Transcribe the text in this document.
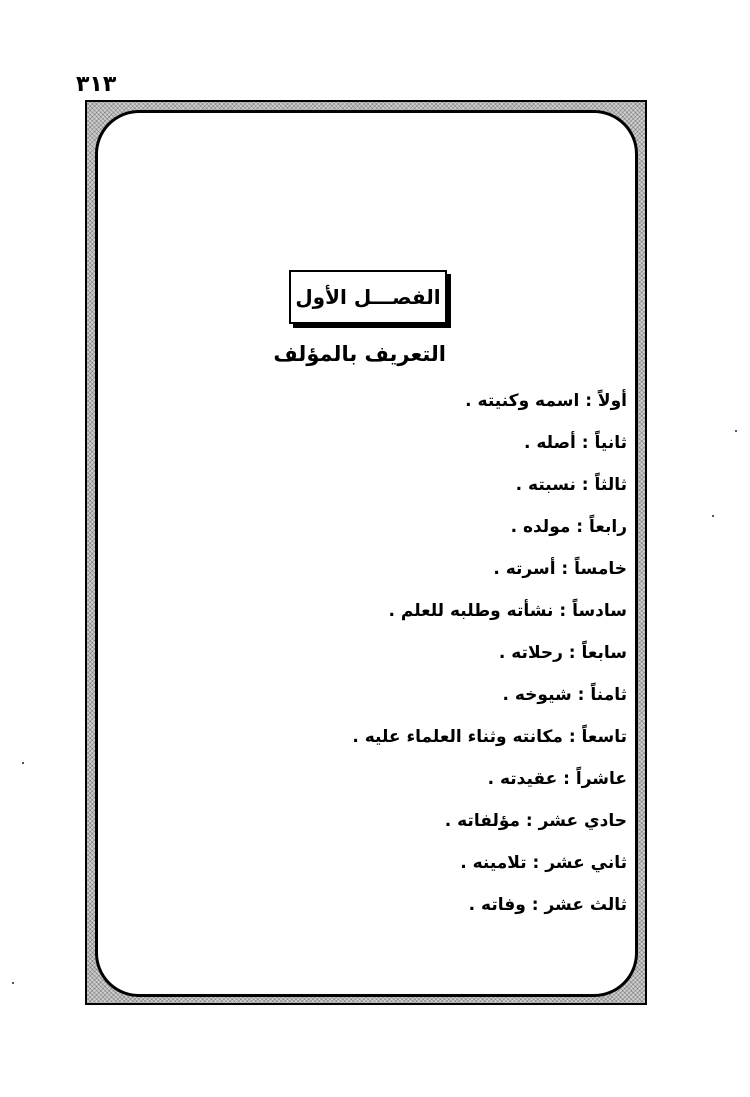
٣١٣
الفصـــل الأول
التعريف بالمؤلف
أولاً : اسمه وكنيته .
ثانياً : أصله .
ثالثاً : نسبته .
رابعاً : مولده .
خامساً : أسرته .
سادساً : نشأته وطلبه للعلم .
سابعاً : رحلاته .
ثامناً : شيوخه .
تاسعاً : مكانته وثناء العلماء عليه .
عاشراً : عقيدته .
حادي عشر : مؤلفاته .
ثاني عشر : تلامينه .
ثالث عشر : وفاته .
